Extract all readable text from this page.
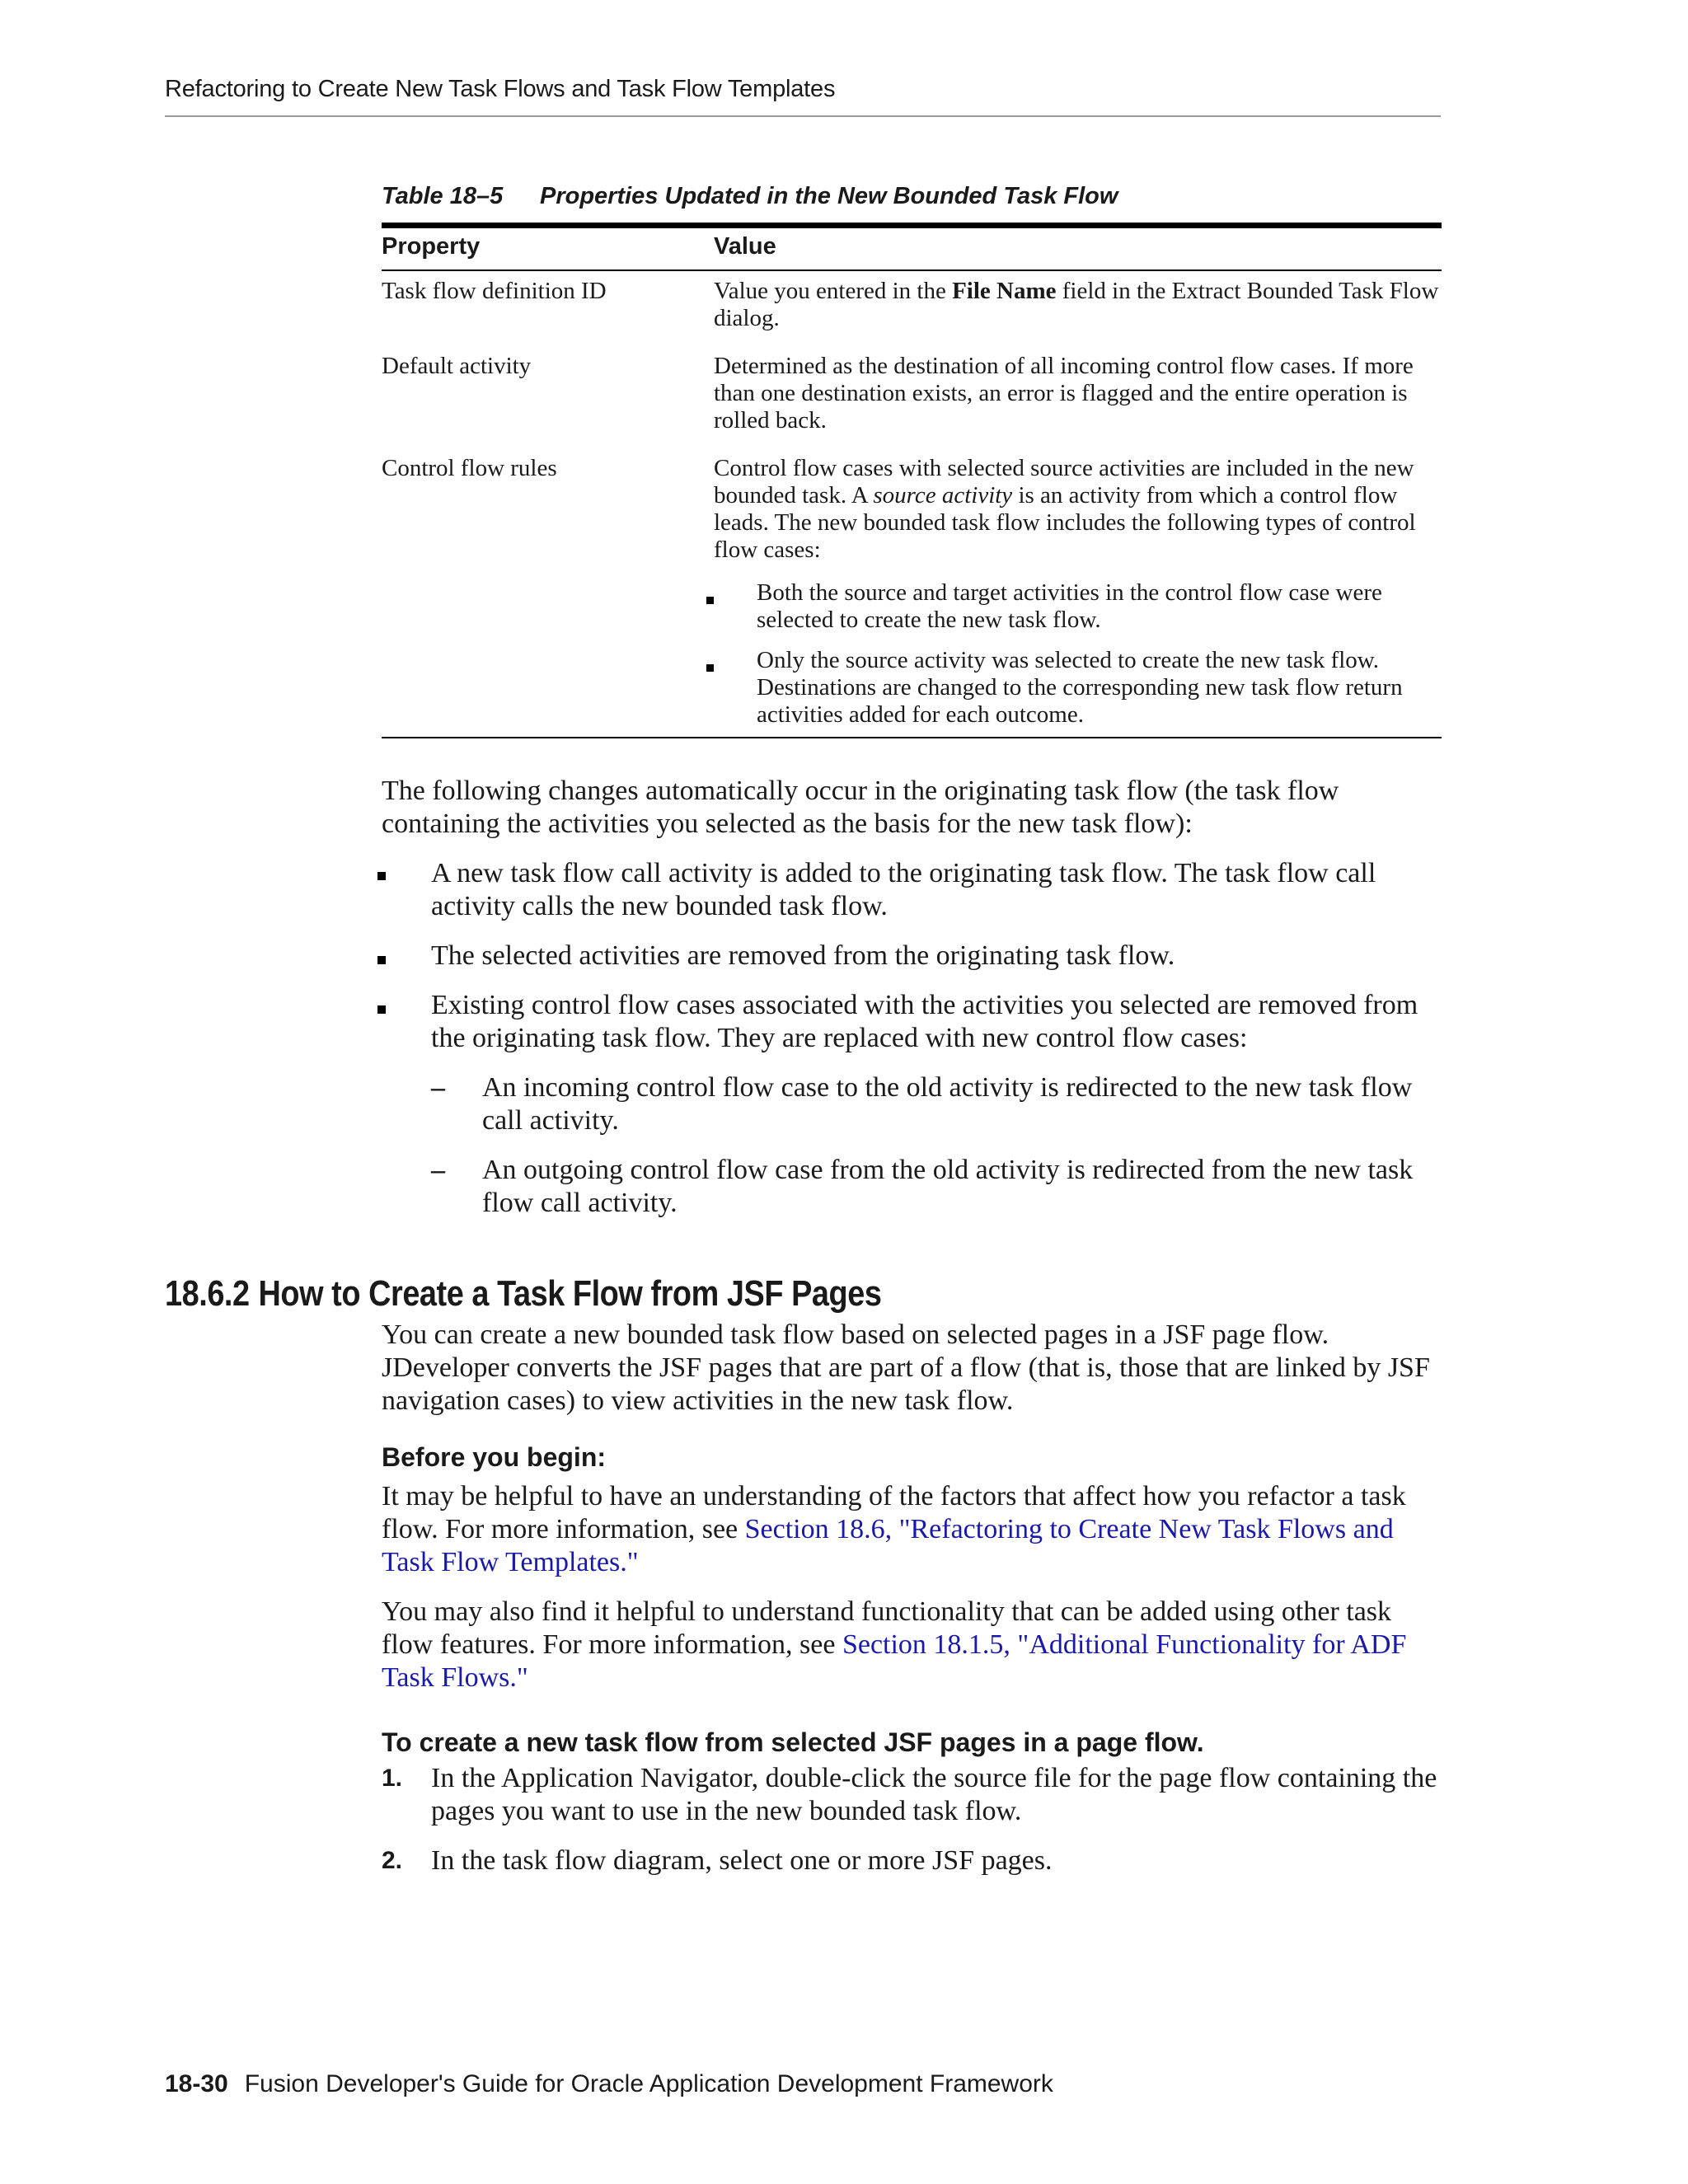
Refactoring to Create New Task Flows and Task Flow Templates
Table 18–5 Properties Updated in the New Bounded Task Flow
Property	Value
Task flow definition ID	Value you entered in the File Name field in the Extract Bounded Task Flow dialog.
Default activity	Determined as the destination of all incoming control flow cases. If more than one destination exists, an error is flagged and the entire operation is rolled back.
Control flow rules	Control flow cases with selected source activities are included in the new bounded task. A source activity is an activity from which a control flow leads. The new bounded task flow includes the following types of control flow cases:
Both the source and target activities in the control flow case were selected to create the new task flow.
Only the source activity was selected to create the new task flow. Destinations are changed to the corresponding new task flow return activities added for each outcome.
The following changes automatically occur in the originating task flow (the task flow containing the activities you selected as the basis for the new task flow):
A new task flow call activity is added to the originating task flow. The task flow call activity calls the new bounded task flow.
The selected activities are removed from the originating task flow.
Existing control flow cases associated with the activities you selected are removed from the originating task flow. They are replaced with new control flow cases:
– An incoming control flow case to the old activity is redirected to the new task flow call activity.
– An outgoing control flow case from the old activity is redirected from the new task flow call activity.
18.6.2 How to Create a Task Flow from JSF Pages
You can create a new bounded task flow based on selected pages in a JSF page flow. JDeveloper converts the JSF pages that are part of a flow (that is, those that are linked by JSF navigation cases) to view activities in the new task flow.
Before you begin:
It may be helpful to have an understanding of the factors that affect how you refactor a task flow. For more information, see Section 18.6, "Refactoring to Create New Task Flows and Task Flow Templates."
You may also find it helpful to understand functionality that can be added using other task flow features. For more information, see Section 18.1.5, "Additional Functionality for ADF Task Flows."
To create a new task flow from selected JSF pages in a page flow.
1. In the Application Navigator, double-click the source file for the page flow containing the pages you want to use in the new bounded task flow.
2. In the task flow diagram, select one or more JSF pages.
18-30 Fusion Developer's Guide for Oracle Application Development Framework
